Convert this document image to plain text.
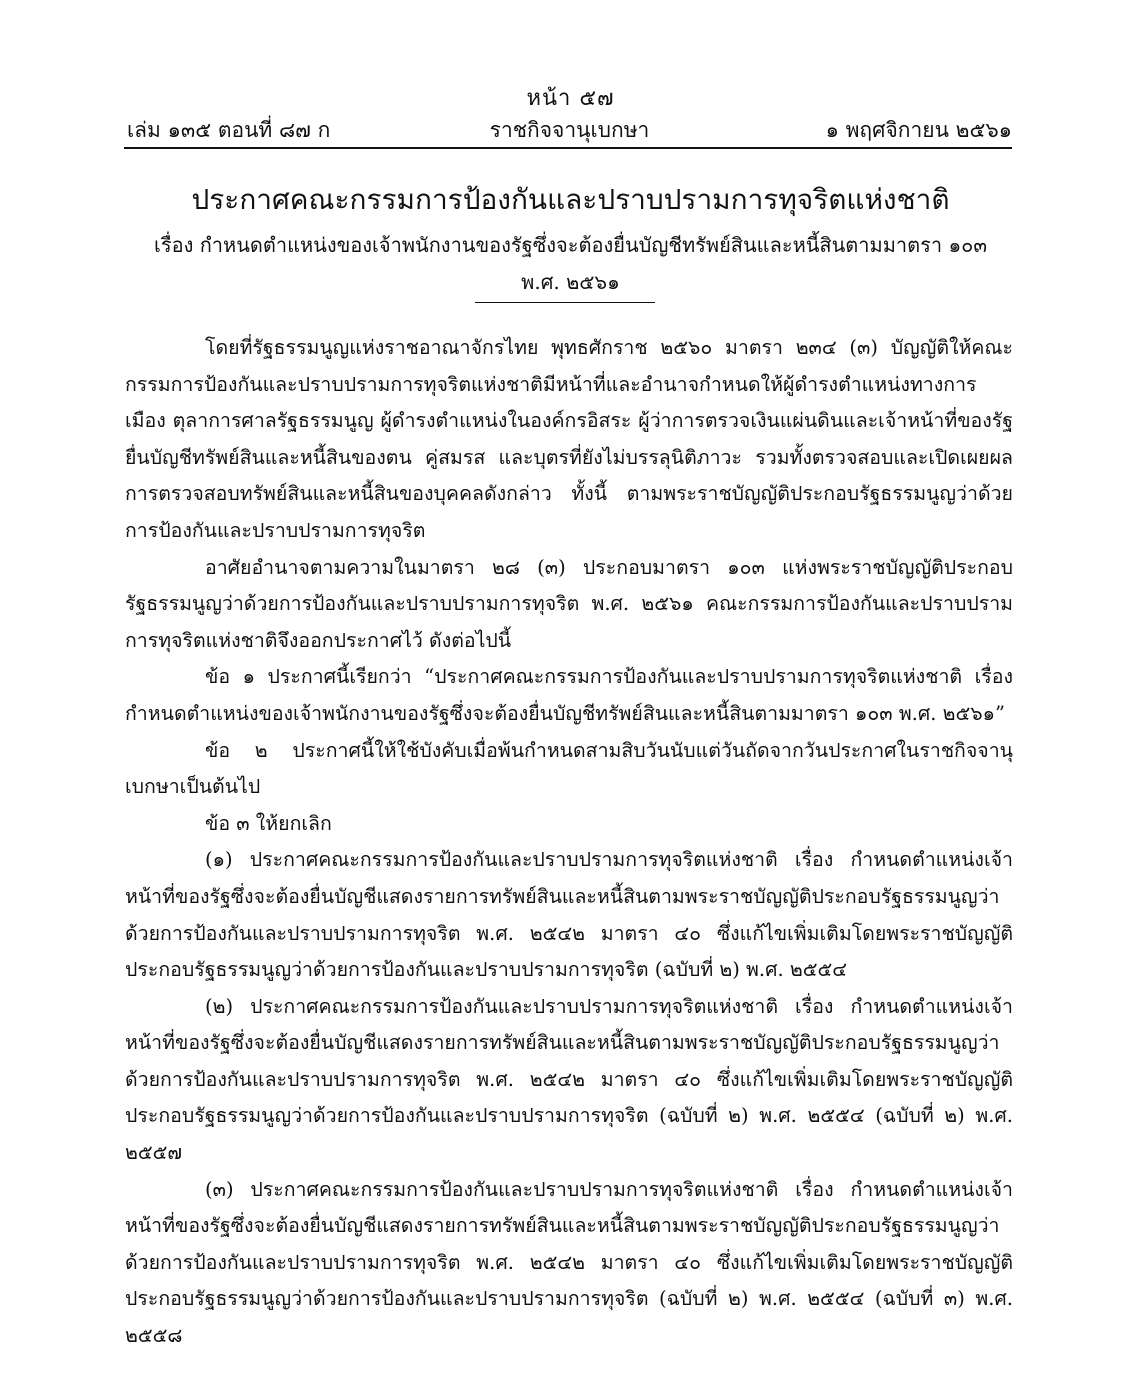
หน้า ๕๗
เล่ม ๑๓๕ ตอนที่ ๘๗ ก	ราชกิจจานุเบกษา	๑ พฤศจิกายน ๒๕๖๑
ประกาศคณะกรรมการป้องกันและปราบปรามการทุจริตแห่งชาติ
เรื่อง กำหนดตำแหน่งของเจ้าพนักงานของรัฐซึ่งจะต้องยื่นบัญชีทรัพย์สินและหนี้สินตามมาตรา ๑๐๓
พ.ศ. ๒๕๖๑

โดยที่รัฐธรรมนูญแห่งราชอาณาจักรไทย พุทธศักราช ๒๕๖๐ มาตรา ๒๓๔ (๓) บัญญัติให้คณะกรรมการป้องกันและปราบปรามการทุจริตแห่งชาติมีหน้าที่และอำนาจกำหนดให้ผู้ดำรงตำแหน่งทางการเมือง ตุลาการศาลรัฐธรรมนูญ ผู้ดำรงตำแหน่งในองค์กรอิสระ ผู้ว่าการตรวจเงินแผ่นดินและเจ้าหน้าที่ของรัฐยื่นบัญชีทรัพย์สินและหนี้สินของตน คู่สมรส และบุตรที่ยังไม่บรรลุนิติภาวะ รวมทั้งตรวจสอบและเปิดเผยผลการตรวจสอบทรัพย์สินและหนี้สินของบุคคลดังกล่าว ทั้งนี้ ตามพระราชบัญญัติประกอบรัฐธรรมนูญว่าด้วยการป้องกันและปราบปรามการทุจริต

อาศัยอำนาจตามความในมาตรา ๒๘ (๓) ประกอบมาตรา ๑๐๓ แห่งพระราชบัญญัติประกอบรัฐธรรมนูญว่าด้วยการป้องกันและปราบปรามการทุจริต พ.ศ. ๒๕๖๑ คณะกรรมการป้องกันและปราบปรามการทุจริตแห่งชาติจึงออกประกาศไว้ ดังต่อไปนี้

ข้อ ๑ ประกาศนี้เรียกว่า “ประกาศคณะกรรมการป้องกันและปราบปรามการทุจริตแห่งชาติ เรื่อง กำหนดตำแหน่งของเจ้าพนักงานของรัฐซึ่งจะต้องยื่นบัญชีทรัพย์สินและหนี้สินตามมาตรา ๑๐๓ พ.ศ. ๒๕๖๑”

ข้อ ๒ ประกาศนี้ให้ใช้บังคับเมื่อพ้นกำหนดสามสิบวันนับแต่วันถัดจากวันประกาศในราชกิจจานุเบกษาเป็นต้นไป

ข้อ ๓ ให้ยกเลิก

(๑) ประกาศคณะกรรมการป้องกันและปราบปรามการทุจริตแห่งชาติ เรื่อง กำหนดตำแหน่งเจ้าหน้าที่ของรัฐซึ่งจะต้องยื่นบัญชีแสดงรายการทรัพย์สินและหนี้สินตามพระราชบัญญัติประกอบรัฐธรรมนูญว่าด้วยการป้องกันและปราบปรามการทุจริต พ.ศ. ๒๕๔๒ มาตรา ๔๐ ซึ่งแก้ไขเพิ่มเติมโดยพระราชบัญญัติประกอบรัฐธรรมนูญว่าด้วยการป้องกันและปราบปรามการทุจริต (ฉบับที่ ๒) พ.ศ. ๒๕๕๔

(๒) ประกาศคณะกรรมการป้องกันและปราบปรามการทุจริตแห่งชาติ เรื่อง กำหนดตำแหน่งเจ้าหน้าที่ของรัฐซึ่งจะต้องยื่นบัญชีแสดงรายการทรัพย์สินและหนี้สินตามพระราชบัญญัติประกอบรัฐธรรมนูญว่าด้วยการป้องกันและปราบปรามการทุจริต พ.ศ. ๒๕๔๒ มาตรา ๔๐ ซึ่งแก้ไขเพิ่มเติมโดยพระราชบัญญัติประกอบรัฐธรรมนูญว่าด้วยการป้องกันและปราบปรามการทุจริต (ฉบับที่ ๒) พ.ศ. ๒๕๕๔ (ฉบับที่ ๒) พ.ศ. ๒๕๕๗

(๓) ประกาศคณะกรรมการป้องกันและปราบปรามการทุจริตแห่งชาติ เรื่อง กำหนดตำแหน่งเจ้าหน้าที่ของรัฐซึ่งจะต้องยื่นบัญชีแสดงรายการทรัพย์สินและหนี้สินตามพระราชบัญญัติประกอบรัฐธรรมนูญว่าด้วยการป้องกันและปราบปรามการทุจริต พ.ศ. ๒๕๔๒ มาตรา ๔๐ ซึ่งแก้ไขเพิ่มเติมโดยพระราชบัญญัติประกอบรัฐธรรมนูญว่าด้วยการป้องกันและปราบปรามการทุจริต (ฉบับที่ ๒) พ.ศ. ๒๕๕๔ (ฉบับที่ ๓) พ.ศ. ๒๕๕๘
